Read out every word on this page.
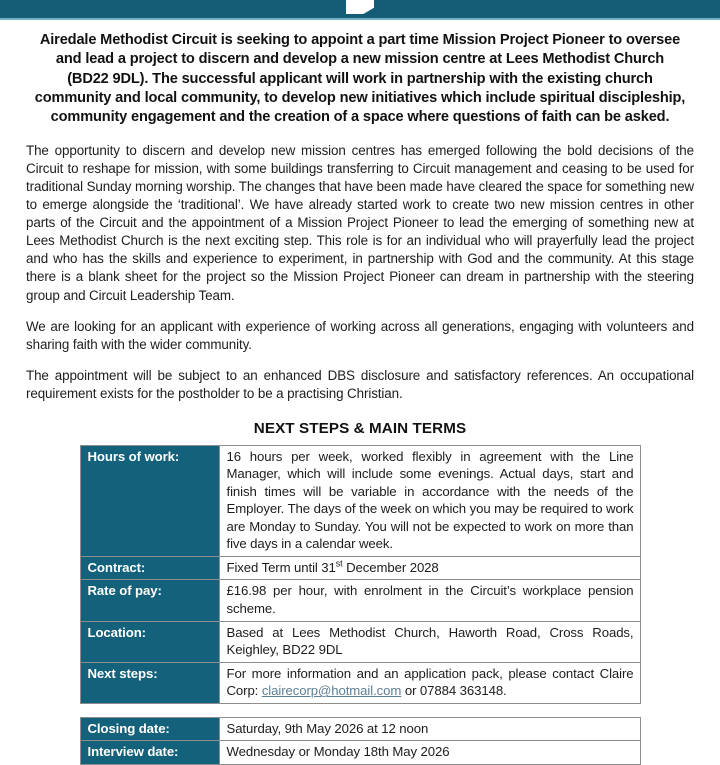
Airedale Methodist Circuit is seeking to appoint a part time Mission Project Pioneer to oversee and lead a project to discern and develop a new mission centre at Lees Methodist Church (BD22 9DL). The successful applicant will work in partnership with the existing church community and local community, to develop new initiatives which include spiritual discipleship, community engagement and the creation of a space where questions of faith can be asked.

The opportunity to discern and develop new mission centres has emerged following the bold decisions of the Circuit to reshape for mission, with some buildings transferring to Circuit management and ceasing to be used for traditional Sunday morning worship. The changes that have been made have cleared the space for something new to emerge alongside the ‘traditional’. We have already started work to create two new mission centres in other parts of the Circuit and the appointment of a Mission Project Pioneer to lead the emerging of something new at Lees Methodist Church is the next exciting step. This role is for an individual who will prayerfully lead the project and who has the skills and experience to experiment, in partnership with God and the community. At this stage there is a blank sheet for the project so the Mission Project Pioneer can dream in partnership with the steering group and Circuit Leadership Team.

We are looking for an applicant with experience of working across all generations, engaging with volunteers and sharing faith with the wider community.

The appointment will be subject to an enhanced DBS disclosure and satisfactory references. An occupational requirement exists for the postholder to be a practising Christian.

NEXT STEPS & MAIN TERMS
Hours of work:	16 hours per week, worked flexibly in agreement with the Line Manager, which will include some evenings. Actual days, start and finish times will be variable in accordance with the needs of the Employer. The days of the week on which you may be required to work are Monday to Sunday. You will not be expected to work on more than five days in a calendar week.
Contract:	Fixed Term until 31st December 2028
Rate of pay:	£16.98 per hour, with enrolment in the Circuit’s workplace pension scheme.
Location:	Based at Lees Methodist Church, Haworth Road, Cross Roads, Keighley, BD22 9DL
Next steps:	For more information and an application pack, please contact Claire Corp: clairecorp@hotmail.com or 07884 363148.
Closing date:	Saturday, 9th May 2026 at 12 noon
Interview date:	Wednesday or Monday 18th May 2026
